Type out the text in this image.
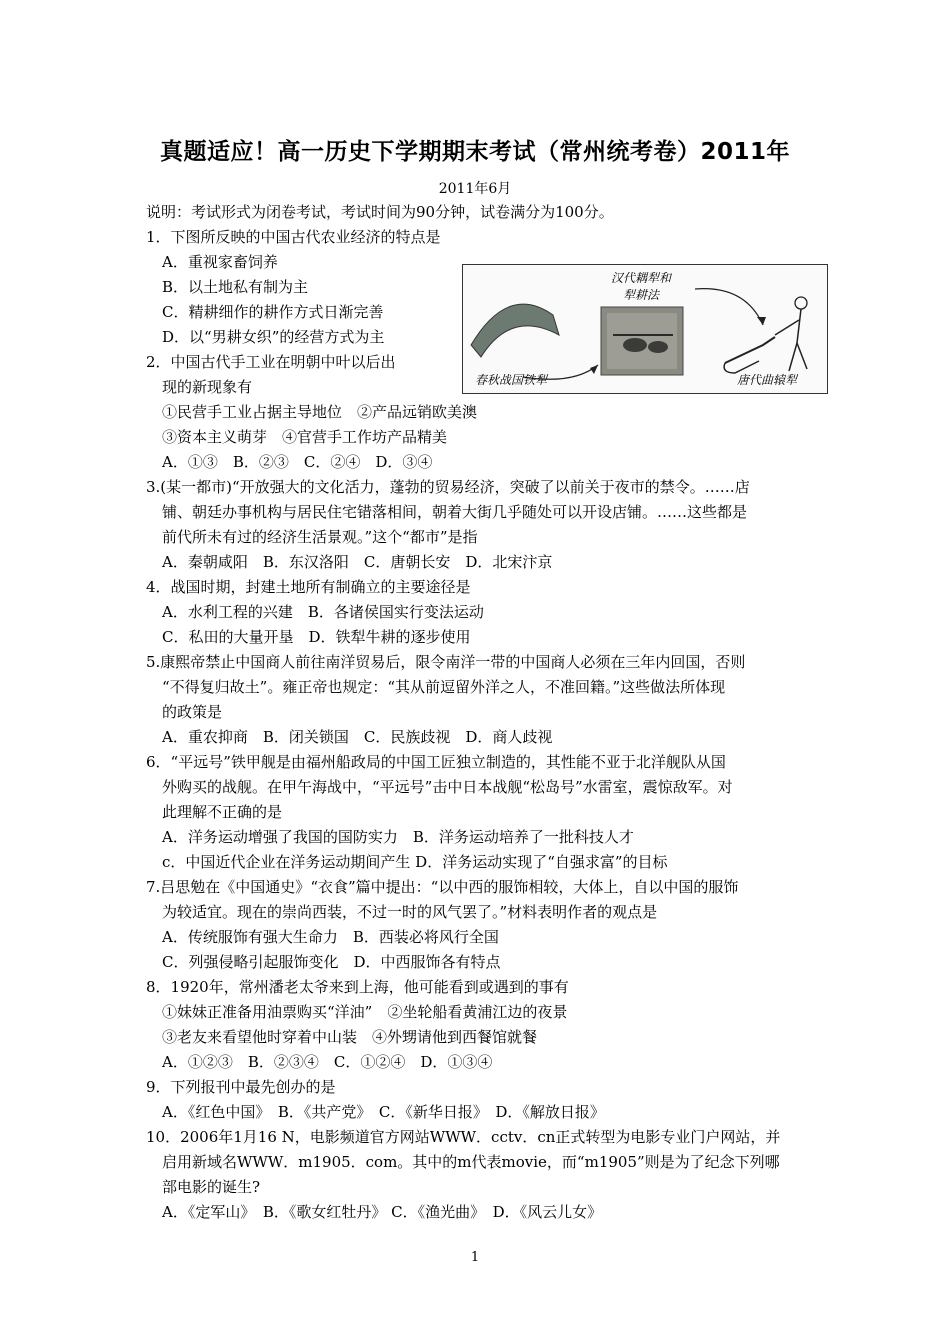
真题适应！高一历史下学期期末考试（常州统考卷）2011年
2011年6月
说明：考试形式为闭卷考试，考试时间为90分钟，试卷满分为100分。
1．下图所反映的中国古代农业经济的特点是
A．重视家畜饲养
B．以土地私有制为主
C．精耕细作的耕作方式日渐完善
D．以“男耕女织”的经营方式为主
汉代耦犁和
犁耕法
春秋战国铁犁	唐代曲辕犁
2．中国古代手工业在明朝中叶以后出
现的新现象有
①民营手工业占据主导地位　②产品远销欧美澳
③资本主义萌芽　④官营手工作坊产品精美
A．①③　B．②③　C．②④　D．③④
3.(某一都市)“开放强大的文化活力，蓬勃的贸易经济，突破了以前关于夜市的禁令。……店
铺、朝廷办事机构与居民住宅错落相间，朝着大街几乎随处可以开设店铺。……这些都是
前代所未有过的经济生活景观。”这个“都市”是指
A．秦朝咸阳　B．东汉洛阳　C．唐朝长安　D．北宋汴京
4．战国时期，封建土地所有制确立的主要途径是
A．水利工程的兴建　B．各诸侯国实行变法运动
C．私田的大量开垦　D．铁犁牛耕的逐步使用
5.康熙帝禁止中国商人前往南洋贸易后，限令南洋一带的中国商人必须在三年内回国，否则
“不得复归故土”。雍正帝也规定：“其从前逗留外洋之人，不准回籍。”这些做法所体现
的政策是
A．重农抑商　B．闭关锁国　C．民族歧视　D．商人歧视
6．“平远号”铁甲舰是由福州船政局的中国工匠独立制造的，其性能不亚于北洋舰队从国
外购买的战舰。在甲午海战中，“平远号”击中日本战舰“松岛号”水雷室，震惊敌军。对
此理解不正确的是
A．洋务运动增强了我国的国防实力　B．洋务运动培养了一批科技人才
c．中国近代企业在洋务运动期间产生 D．洋务运动实现了“自强求富”的目标
7.吕思勉在《中国通史》“衣食”篇中提出：“以中西的服饰相较，大体上，自以中国的服饰
为较适宜。现在的崇尚西装，不过一时的风气罢了。”材料表明作者的观点是
A．传统服饰有强大生命力　B．西装必将风行全国
C．列强侵略引起服饰变化　D．中西服饰各有特点
8．1920年，常州潘老太爷来到上海，他可能看到或遇到的事有
①妹妹正准备用油票购买“洋油”　②坐轮船看黄浦江边的夜景
③老友来看望他时穿着中山装　④外甥请他到西餐馆就餐
A．①②③　B．②③④　C．①②④　D．①③④
9．下列报刊中最先创办的是
A．《红色中国》　B．《共产党》　C．《新华日报》　D．《解放日报》
10．2006年1月16 N，电影频道官方网站WWW．cctv．cn正式转型为电影专业门户网站，并
启用新域名WWW．m1905．com。其中的m代表movie，而“m1905”则是为了纪念下列哪
部电影的诞生?
A．《定军山》　B．《歌女红牡丹》 C．《渔光曲》　D．《风云儿女》
1
